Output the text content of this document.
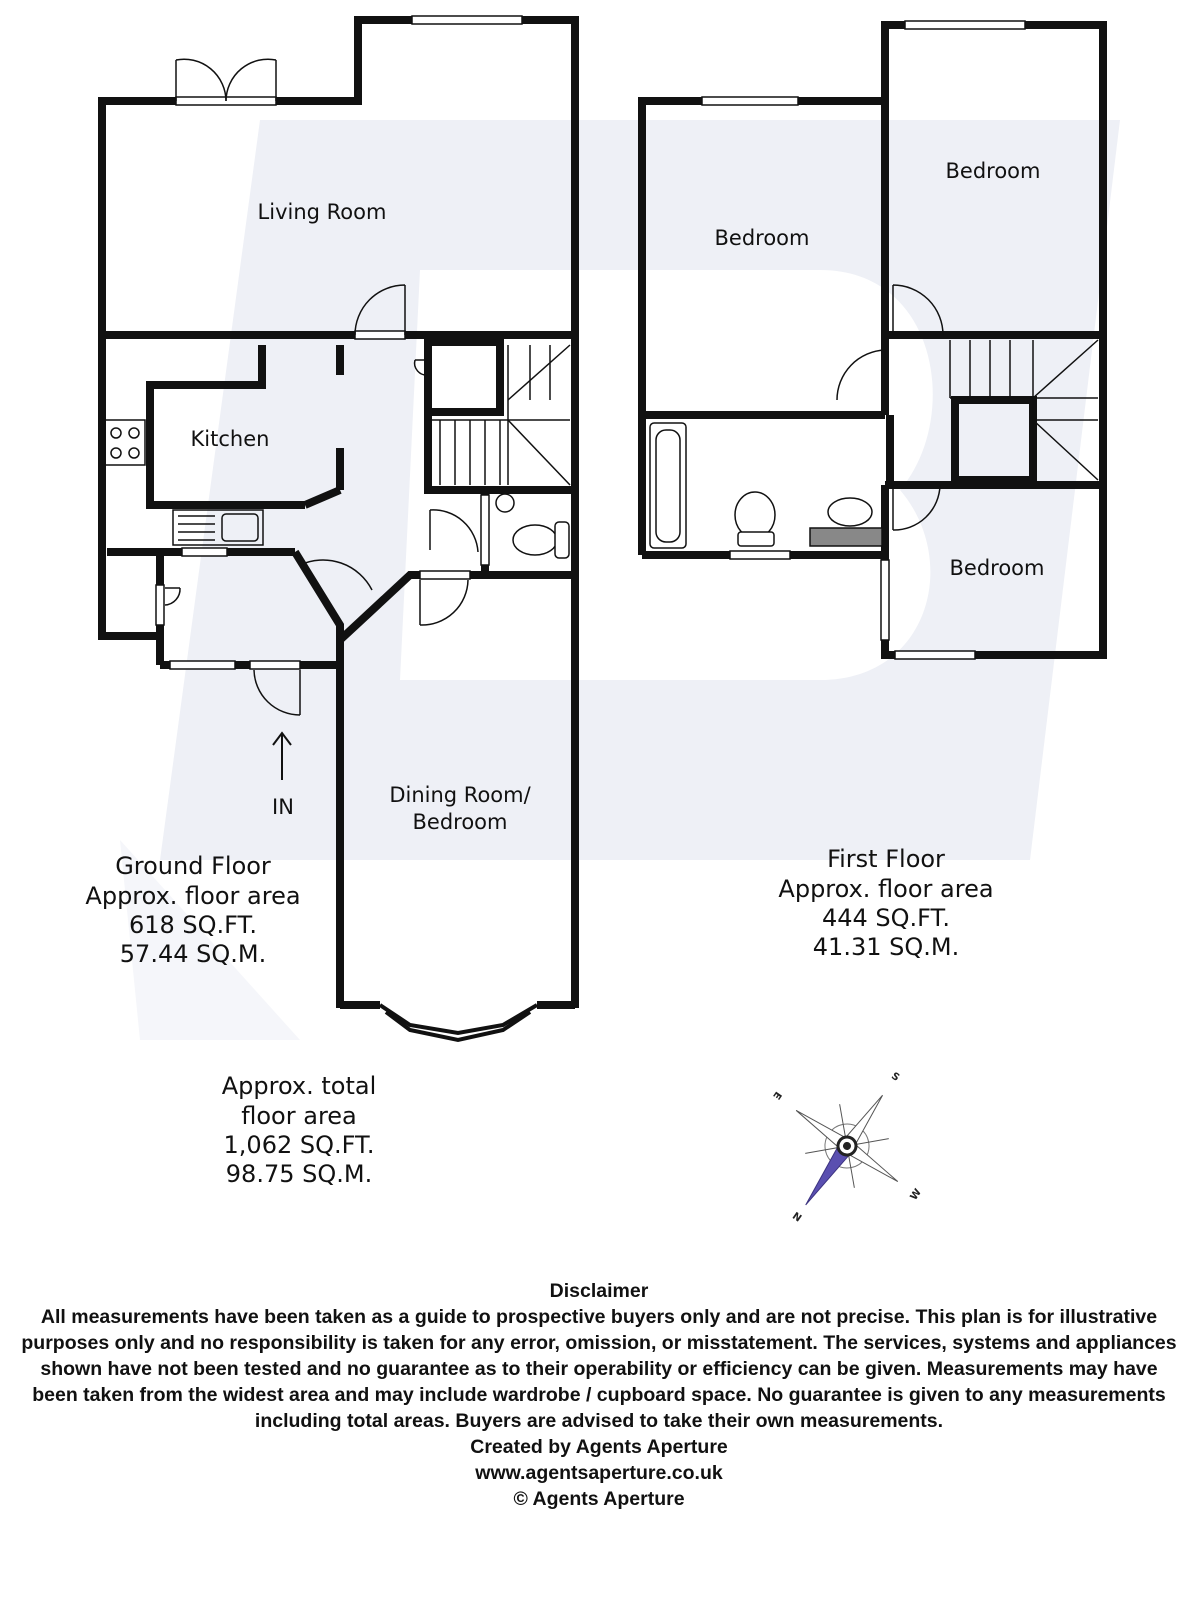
IN
Living Room
Kitchen
Dining Room/
Bedroom
Bedroom
Bedroom
Bedroom
Ground Floor
Approx. floor area
618 SQ.FT.
57.44 SQ.M.
First Floor
Approx. floor area
444 SQ.FT.
41.31 SQ.M.
Approx. total
floor area
1,062 SQ.FT.
98.75 SQ.M.
S
N
E
W
Disclaimer
All measurements have been taken as a guide to prospective buyers only and are not precise. This plan is for illustrative purposes only and no responsibility is taken for any error, omission, or misstatement. The services, systems and appliances shown have not been tested and no guarantee as to their operability or efficiency can be given. Measurements may have been taken from the widest area and may include wardrobe / cupboard space. No guarantee is given to any measurements including total areas. Buyers are advised to take their own measurements.
Created by Agents Aperture
www.agentsaperture.co.uk
© Agents Aperture
